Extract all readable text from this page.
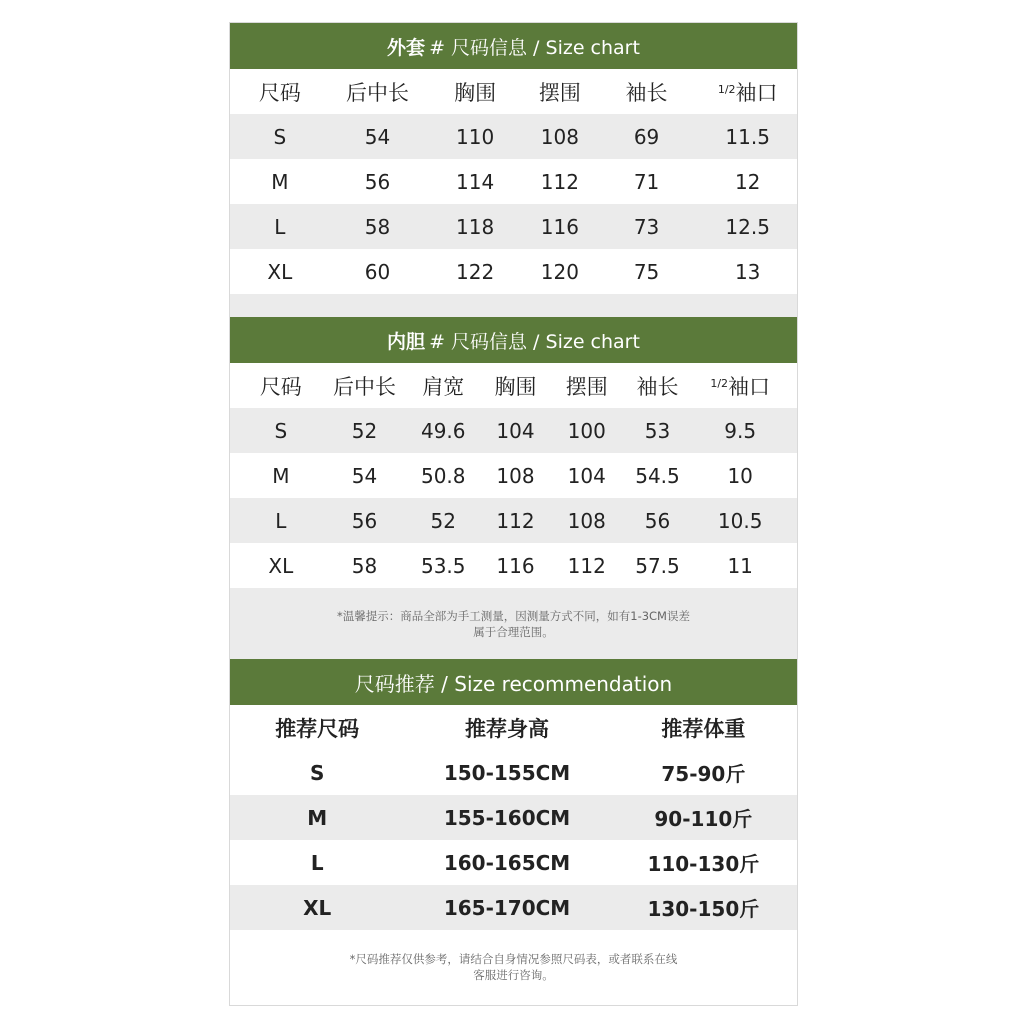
外套 # 尺码信息 / Size chart
尺码	后中长	胸围	摆围	袖长	$^{1/2}$袖口
S	54	110	108	69	11.5
M	56	114	112	71	12
L	58	118	116	73	12.5
XL	60	122	120	75	13
内胆 # 尺码信息 / Size chart
尺码	后中长	肩宽	胸围	摆围	袖长	$^{1/2}$袖口
S	52	49.6	104	100	53	9.5
M	54	50.8	108	104	54.5	10
L	56	52	112	108	56	10.5
XL	58	53.5	116	112	57.5	11
*温馨提示：商品全部为手工测量，因测量方式不同，如有1-3CM误差
属于合理范围。
尺码推荐 / Size recommendation
推荐尺码	推荐身高	推荐体重
S	150-155CM	75-90斤
M	155-160CM	90-110斤
L	160-165CM	110-130斤
XL	165-170CM	130-150斤
*尺码推荐仅供参考，请结合自身情况参照尺码表，或者联系在线
客服进行咨询。
